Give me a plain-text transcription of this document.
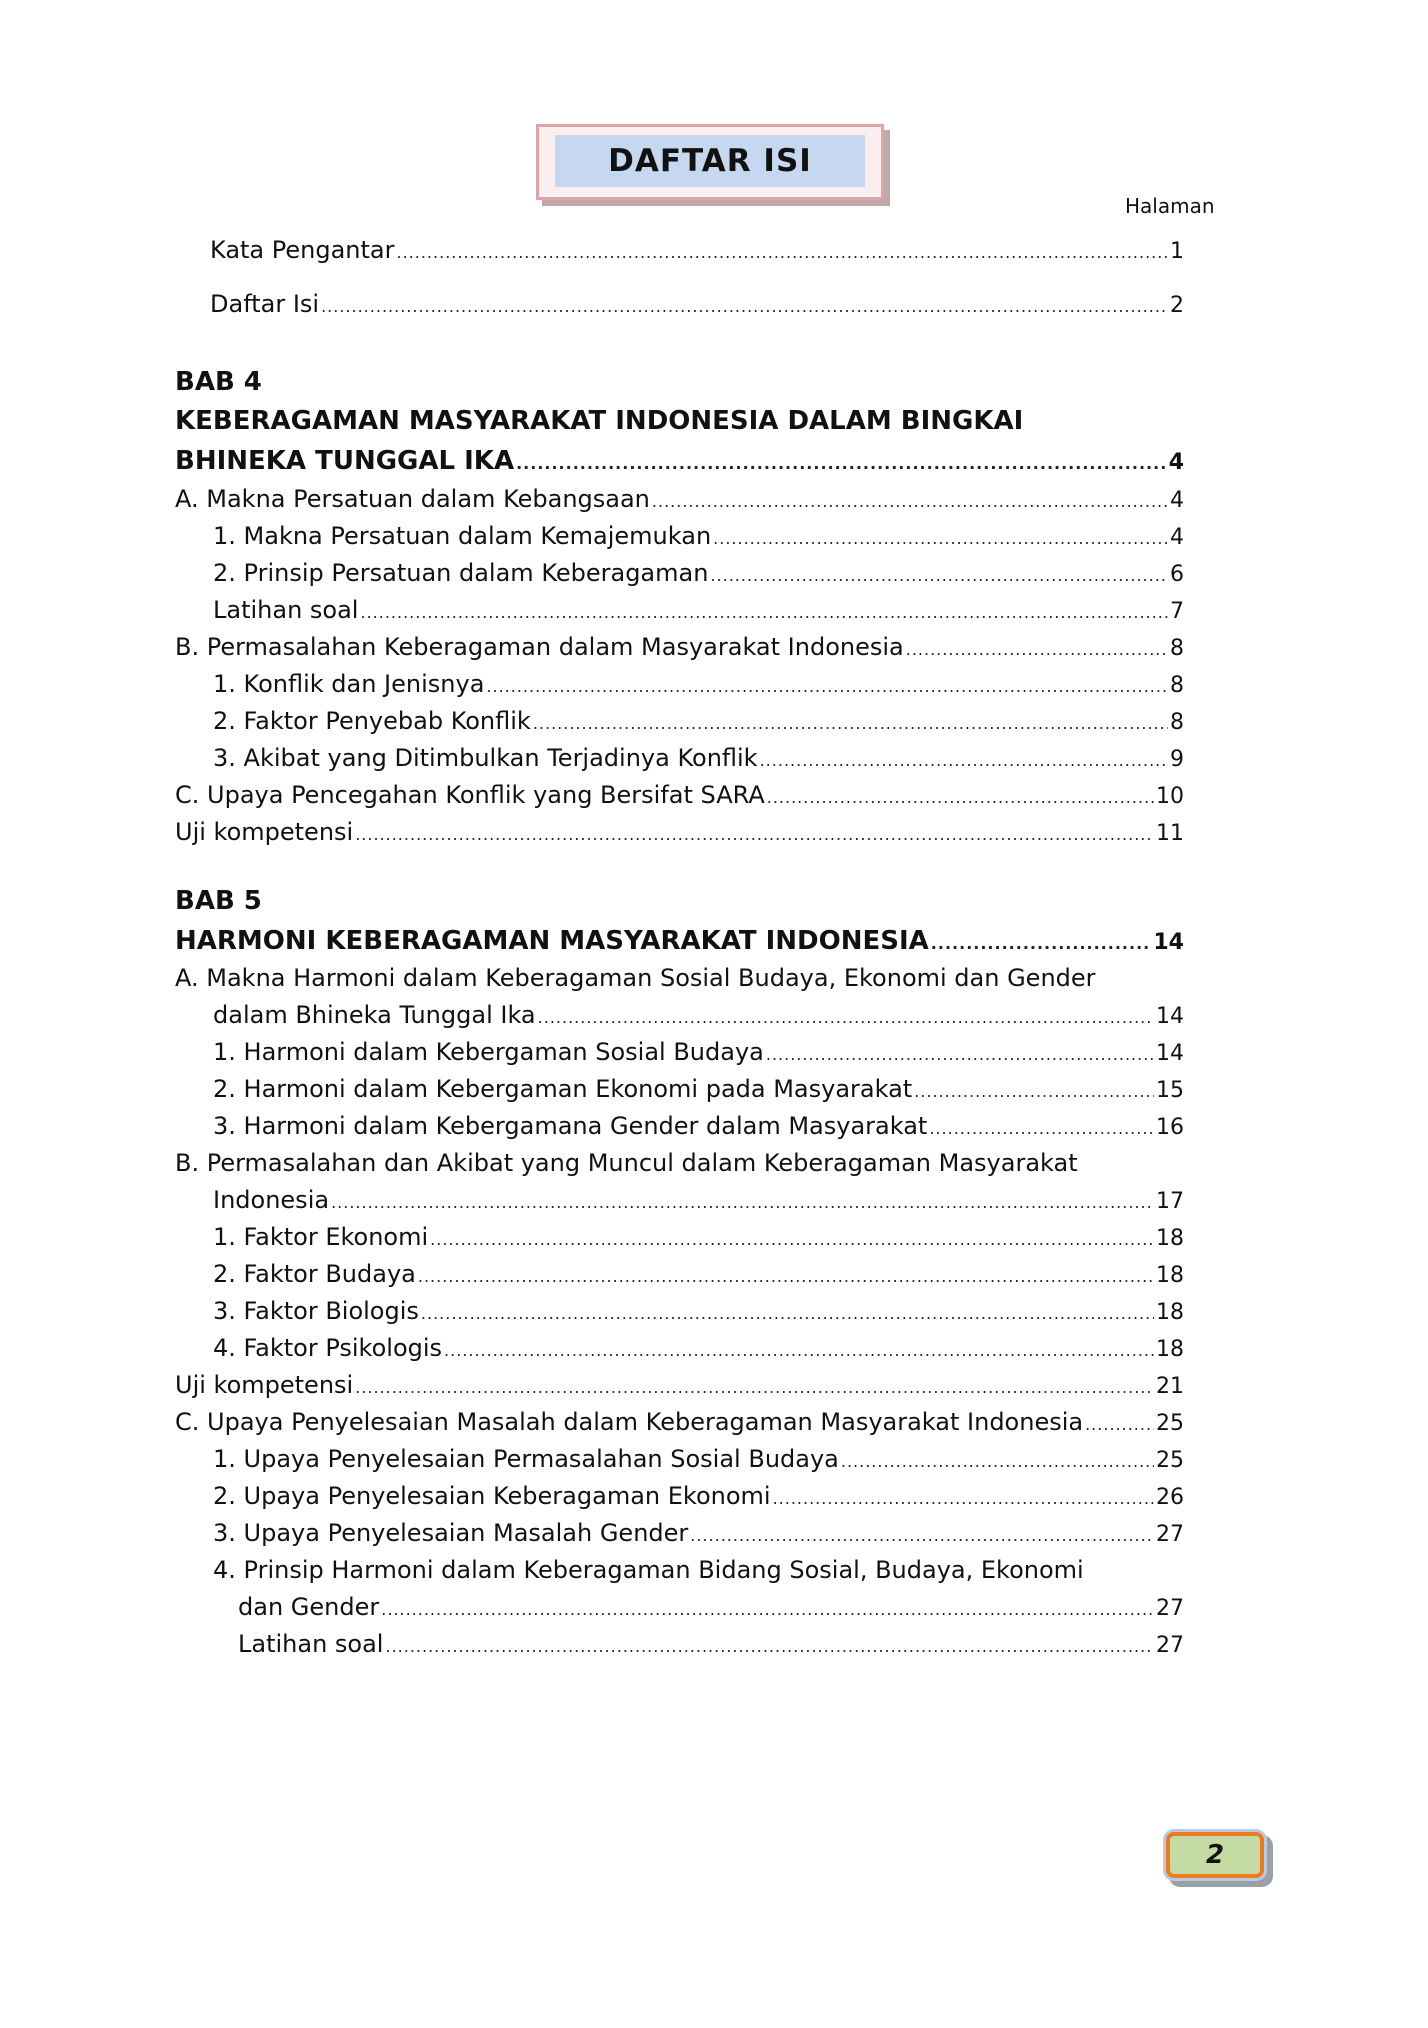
DAFTAR ISI
Halaman
Kata Pengantar .....	1
Daftar Isi .....	2
BAB 4
KEBERAGAMAN MASYARAKAT INDONESIA DALAM BINGKAI
BHINEKA TUNGGAL IKA .....	4
A. Makna Persatuan dalam Kebangsaan .....	4
1. Makna Persatuan dalam Kemajemukan .....	4
2. Prinsip Persatuan dalam Keberagaman .....	6
Latihan soal .....	7
B. Permasalahan Keberagaman dalam Masyarakat Indonesia .....	8
1. Konflik dan Jenisnya .....	8
2. Faktor Penyebab Konflik .....	8
3. Akibat yang Ditimbulkan Terjadinya Konflik .....	9
C. Upaya Pencegahan Konflik yang Bersifat SARA .....	10
Uji kompetensi .....	11
BAB 5
HARMONI KEBERAGAMAN MASYARAKAT INDONESIA .....	14
A. Makna Harmoni dalam Keberagaman Sosial Budaya, Ekonomi dan Gender
dalam Bhineka Tunggal Ika .....	14
1. Harmoni dalam Kebergaman Sosial Budaya .....	14
2. Harmoni dalam Kebergaman Ekonomi pada Masyarakat .....	15
3. Harmoni dalam Kebergamana Gender dalam Masyarakat .....	16
B. Permasalahan dan Akibat yang Muncul dalam Keberagaman Masyarakat
Indonesia .....	17
1. Faktor Ekonomi .....	18
2. Faktor Budaya .....	18
3. Faktor Biologis .....	18
4. Faktor Psikologis .....	18
Uji kompetensi .....	21
C. Upaya Penyelesaian Masalah dalam Keberagaman Masyarakat Indonesia .....	25
1. Upaya Penyelesaian Permasalahan Sosial Budaya .....	25
2. Upaya Penyelesaian Keberagaman Ekonomi .....	26
3. Upaya Penyelesaian Masalah Gender .....	27
4. Prinsip Harmoni dalam Keberagaman Bidang Sosial, Budaya, Ekonomi
dan Gender .....	27
Latihan soal .....	27
2
